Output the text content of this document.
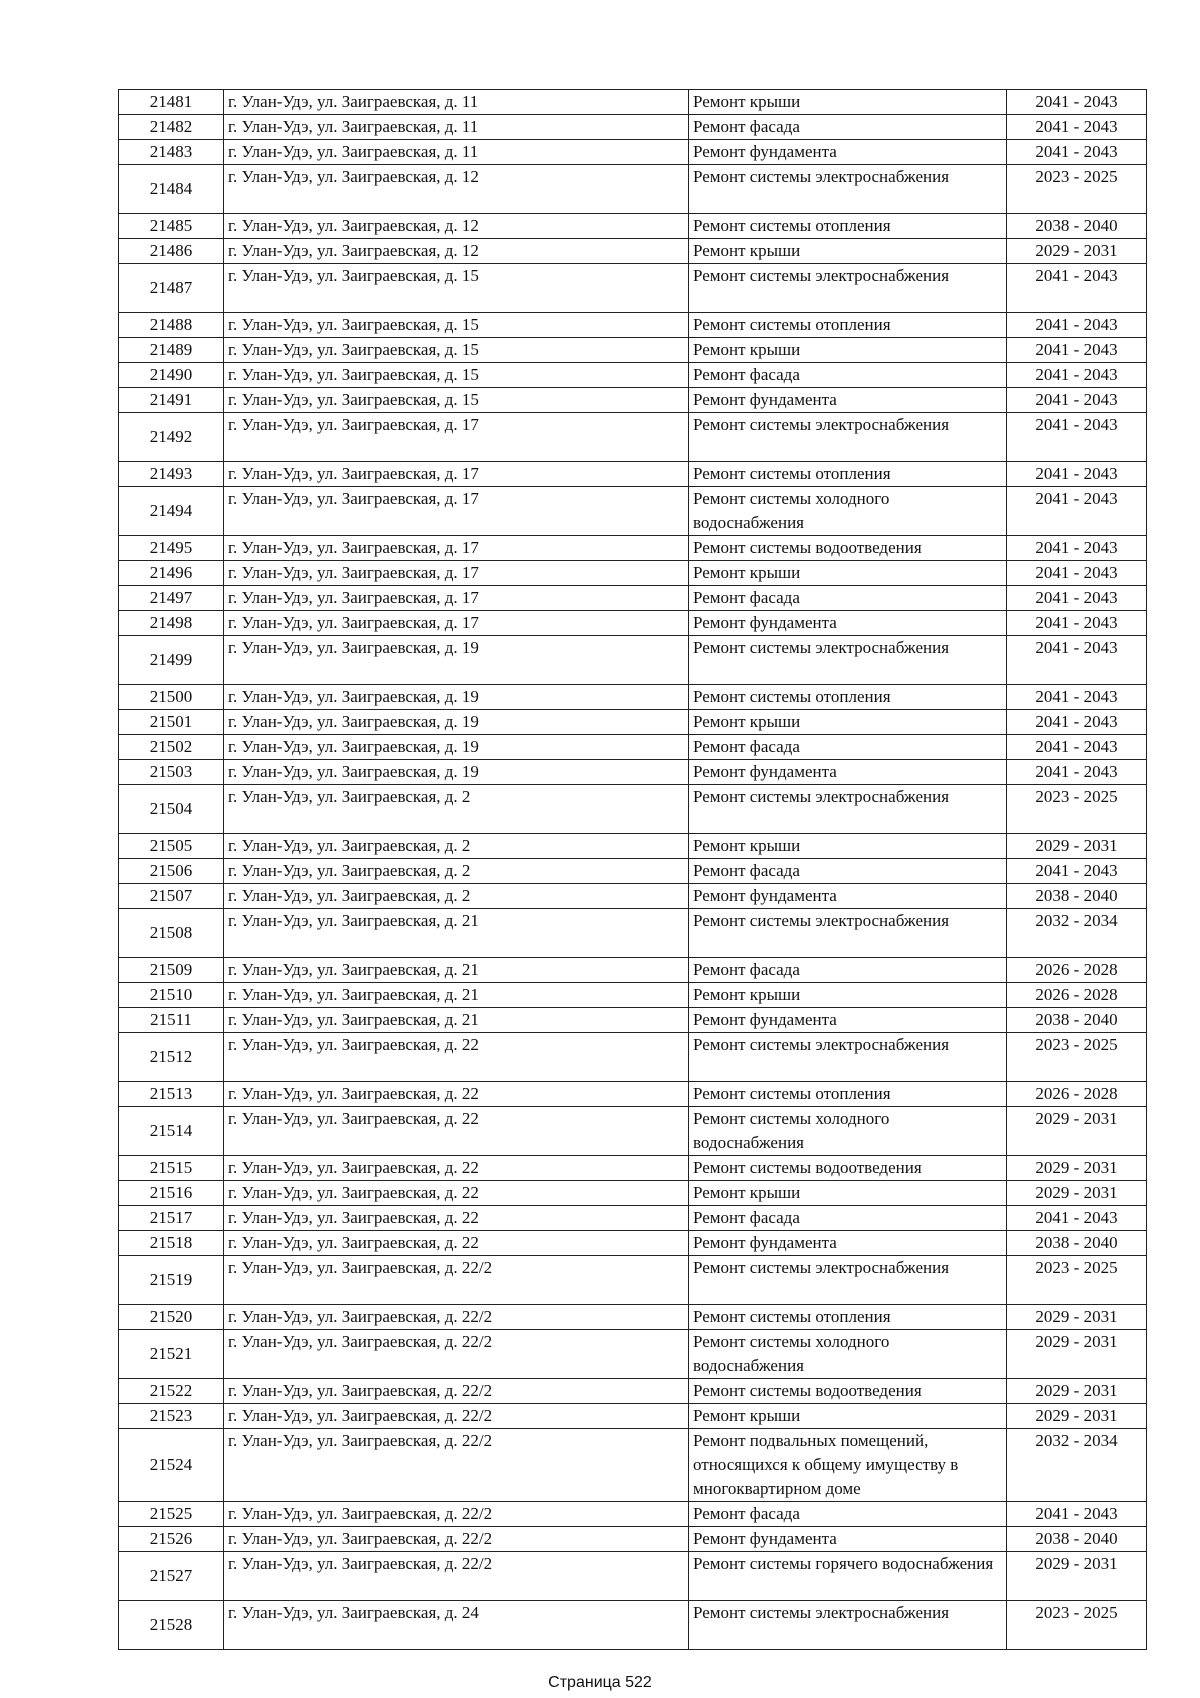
21481	г. Улан-Удэ, ул. Заиграевская, д. 11	Ремонт крыши	2041 - 2043
21482	г. Улан-Удэ, ул. Заиграевская, д. 11	Ремонт фасада	2041 - 2043
21483	г. Улан-Удэ, ул. Заиграевская, д. 11	Ремонт фундамента	2041 - 2043
21484	г. Улан-Удэ, ул. Заиграевская, д. 12	Ремонт системы электроснабжения	2023 - 2025
21485	г. Улан-Удэ, ул. Заиграевская, д. 12	Ремонт системы отопления	2038 - 2040
21486	г. Улан-Удэ, ул. Заиграевская, д. 12	Ремонт крыши	2029 - 2031
21487	г. Улан-Удэ, ул. Заиграевская, д. 15	Ремонт системы электроснабжения	2041 - 2043
21488	г. Улан-Удэ, ул. Заиграевская, д. 15	Ремонт системы отопления	2041 - 2043
21489	г. Улан-Удэ, ул. Заиграевская, д. 15	Ремонт крыши	2041 - 2043
21490	г. Улан-Удэ, ул. Заиграевская, д. 15	Ремонт фасада	2041 - 2043
21491	г. Улан-Удэ, ул. Заиграевская, д. 15	Ремонт фундамента	2041 - 2043
21492	г. Улан-Удэ, ул. Заиграевская, д. 17	Ремонт системы электроснабжения	2041 - 2043
21493	г. Улан-Удэ, ул. Заиграевская, д. 17	Ремонт системы отопления	2041 - 2043
21494	г. Улан-Удэ, ул. Заиграевская, д. 17	Ремонт системы холодного водоснабжения	2041 - 2043
21495	г. Улан-Удэ, ул. Заиграевская, д. 17	Ремонт системы водоотведения	2041 - 2043
21496	г. Улан-Удэ, ул. Заиграевская, д. 17	Ремонт крыши	2041 - 2043
21497	г. Улан-Удэ, ул. Заиграевская, д. 17	Ремонт фасада	2041 - 2043
21498	г. Улан-Удэ, ул. Заиграевская, д. 17	Ремонт фундамента	2041 - 2043
21499	г. Улан-Удэ, ул. Заиграевская, д. 19	Ремонт системы электроснабжения	2041 - 2043
21500	г. Улан-Удэ, ул. Заиграевская, д. 19	Ремонт системы отопления	2041 - 2043
21501	г. Улан-Удэ, ул. Заиграевская, д. 19	Ремонт крыши	2041 - 2043
21502	г. Улан-Удэ, ул. Заиграевская, д. 19	Ремонт фасада	2041 - 2043
21503	г. Улан-Удэ, ул. Заиграевская, д. 19	Ремонт фундамента	2041 - 2043
21504	г. Улан-Удэ, ул. Заиграевская, д. 2	Ремонт системы электроснабжения	2023 - 2025
21505	г. Улан-Удэ, ул. Заиграевская, д. 2	Ремонт крыши	2029 - 2031
21506	г. Улан-Удэ, ул. Заиграевская, д. 2	Ремонт фасада	2041 - 2043
21507	г. Улан-Удэ, ул. Заиграевская, д. 2	Ремонт фундамента	2038 - 2040
21508	г. Улан-Удэ, ул. Заиграевская, д. 21	Ремонт системы электроснабжения	2032 - 2034
21509	г. Улан-Удэ, ул. Заиграевская, д. 21	Ремонт фасада	2026 - 2028
21510	г. Улан-Удэ, ул. Заиграевская, д. 21	Ремонт крыши	2026 - 2028
21511	г. Улан-Удэ, ул. Заиграевская, д. 21	Ремонт фундамента	2038 - 2040
21512	г. Улан-Удэ, ул. Заиграевская, д. 22	Ремонт системы электроснабжения	2023 - 2025
21513	г. Улан-Удэ, ул. Заиграевская, д. 22	Ремонт системы отопления	2026 - 2028
21514	г. Улан-Удэ, ул. Заиграевская, д. 22	Ремонт системы холодного водоснабжения	2029 - 2031
21515	г. Улан-Удэ, ул. Заиграевская, д. 22	Ремонт системы водоотведения	2029 - 2031
21516	г. Улан-Удэ, ул. Заиграевская, д. 22	Ремонт крыши	2029 - 2031
21517	г. Улан-Удэ, ул. Заиграевская, д. 22	Ремонт фасада	2041 - 2043
21518	г. Улан-Удэ, ул. Заиграевская, д. 22	Ремонт фундамента	2038 - 2040
21519	г. Улан-Удэ, ул. Заиграевская, д. 22/2	Ремонт системы электроснабжения	2023 - 2025
21520	г. Улан-Удэ, ул. Заиграевская, д. 22/2	Ремонт системы отопления	2029 - 2031
21521	г. Улан-Удэ, ул. Заиграевская, д. 22/2	Ремонт системы холодного водоснабжения	2029 - 2031
21522	г. Улан-Удэ, ул. Заиграевская, д. 22/2	Ремонт системы водоотведения	2029 - 2031
21523	г. Улан-Удэ, ул. Заиграевская, д. 22/2	Ремонт крыши	2029 - 2031
21524	г. Улан-Удэ, ул. Заиграевская, д. 22/2	Ремонт подвальных помещений, относящихся к общему имуществу в многоквартирном доме	2032 - 2034
21525	г. Улан-Удэ, ул. Заиграевская, д. 22/2	Ремонт фасада	2041 - 2043
21526	г. Улан-Удэ, ул. Заиграевская, д. 22/2	Ремонт фундамента	2038 - 2040
21527	г. Улан-Удэ, ул. Заиграевская, д. 22/2	Ремонт системы горячего водоснабжения	2029 - 2031
21528	г. Улан-Удэ, ул. Заиграевская, д. 24	Ремонт системы электроснабжения	2023 - 2025
Страница 522
